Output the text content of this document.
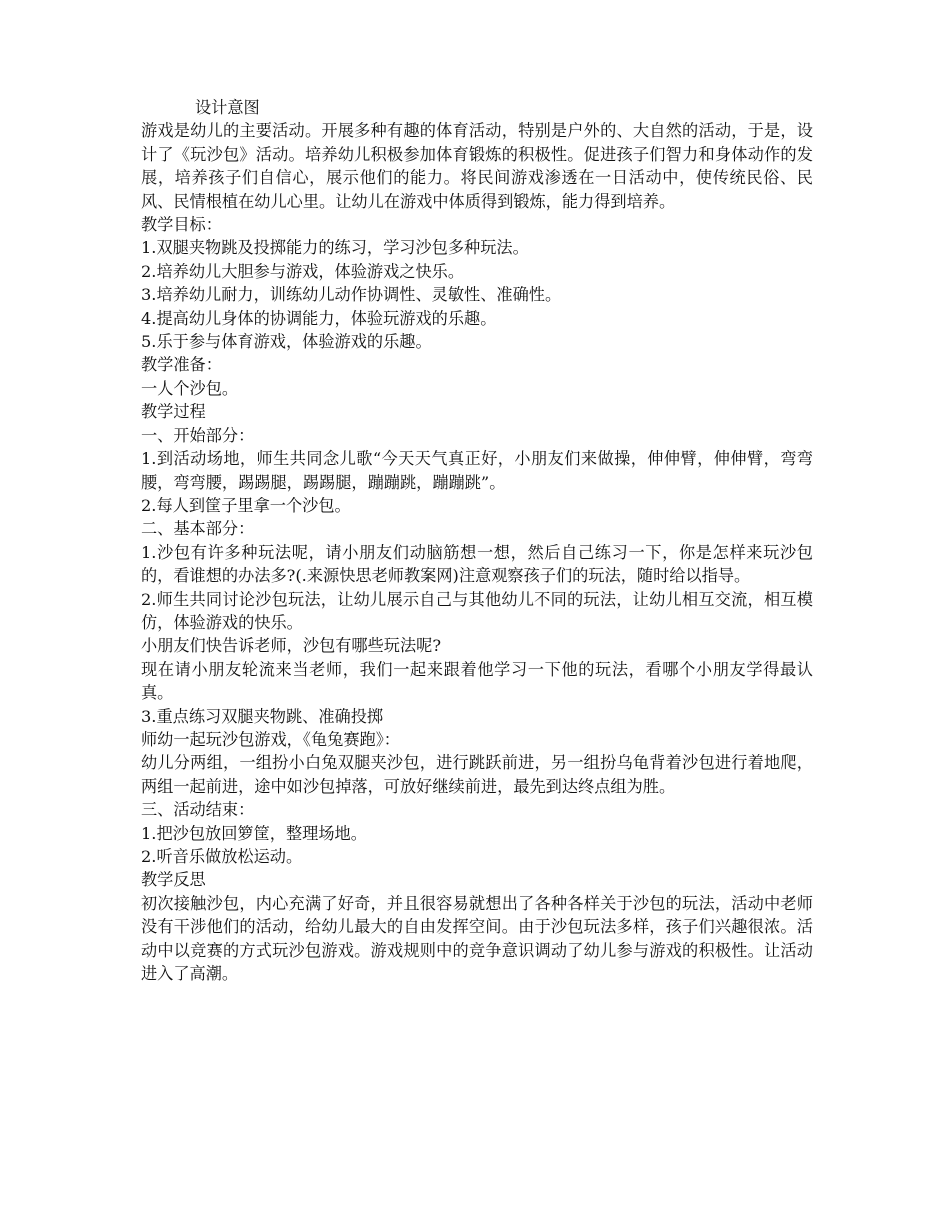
设计意图

游戏是幼儿的主要活动。开展多种有趣的体育活动，特别是户外的、大自然的活动，于是，设计了《玩沙包》活动。培养幼儿积极参加体育锻炼的积极性。促进孩子们智力和身体动作的发展，培养孩子们自信心，展示他们的能力。将民间游戏渗透在一日活动中，使传统民俗、民风、民情根植在幼儿心里。让幼儿在游戏中体质得到锻炼，能力得到培养。

教学目标：

1.双腿夹物跳及投掷能力的练习，学习沙包多种玩法。

2.培养幼儿大胆参与游戏，体验游戏之快乐。

3.培养幼儿耐力，训练幼儿动作协调性、灵敏性、准确性。

4.提高幼儿身体的协调能力，体验玩游戏的乐趣。

5.乐于参与体育游戏，体验游戏的乐趣。

教学准备：

一人个沙包。

教学过程

一、开始部分：

1.到活动场地，师生共同念儿歌“今天天气真正好，小朋友们来做操，伸伸臂，伸伸臂，弯弯腰，弯弯腰，踢踢腿，踢踢腿，蹦蹦跳，蹦蹦跳”。

2.每人到筐子里拿一个沙包。

二、基本部分：

1.沙包有许多种玩法呢，请小朋友们动脑筋想一想，然后自己练习一下，你是怎样来玩沙包的，看谁想的办法多?(.来源快思老师教案网)注意观察孩子们的玩法，随时给以指导。

2.师生共同讨论沙包玩法，让幼儿展示自己与其他幼儿不同的玩法，让幼儿相互交流，相互模仿，体验游戏的快乐。

小朋友们快告诉老师，沙包有哪些玩法呢?

现在请小朋友轮流来当老师，我们一起来跟着他学习一下他的玩法，看哪个小朋友学得最认真。

3.重点练习双腿夹物跳、准确投掷

师幼一起玩沙包游戏，《龟兔赛跑》：

幼儿分两组，一组扮小白兔双腿夹沙包，进行跳跃前进，另一组扮乌龟背着沙包进行着地爬，两组一起前进，途中如沙包掉落，可放好继续前进，最先到达终点组为胜。

三、活动结束：

1.把沙包放回箩筐，整理场地。

2.听音乐做放松运动。

教学反思

初次接触沙包，内心充满了好奇，并且很容易就想出了各种各样关于沙包的玩法，活动中老师没有干涉他们的活动，给幼儿最大的自由发挥空间。由于沙包玩法多样，孩子们兴趣很浓。活动中以竞赛的方式玩沙包游戏。游戏规则中的竞争意识调动了幼儿参与游戏的积极性。让活动进入了高潮。
